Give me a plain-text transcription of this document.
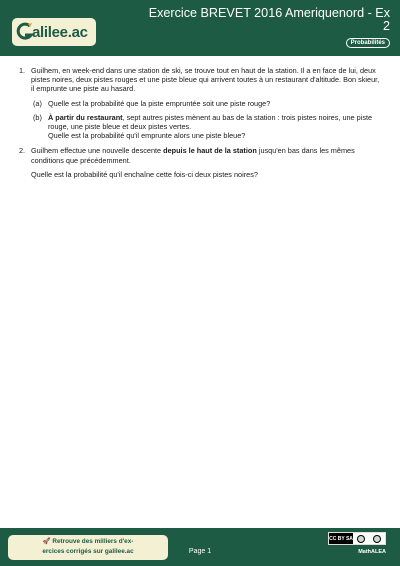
alilee.ac
Exercice BREVET 2016 Ameriquenord - Ex 2
Probabilités
1. Guilhem, en week-end dans une station de ski, se trouve tout en haut de la station. Il a en face de lui, deux pistes noires, deux pistes rouges et une piste bleue qui arrivent toutes à un restaurant d'altitude. Bon skieur, il emprunte une piste au hasard.
(a) Quelle est la probabilité que la piste empruntée soit une piste rouge?
(b) À partir du restaurant, sept autres pistes mènent au bas de la station : trois pistes noires, une piste rouge, une piste bleue et deux pistes vertes.
Quelle est la probabilité qu'il emprunte alors une piste bleue?
2. Guilhem effectue une nouvelle descente depuis le haut de la station jusqu'en bas dans les mêmes conditions que précédemment.
Quelle est la probabilité qu'il enchaîne cette fois-ci deux pistes noires?
🚀 Retrouve des milliers d'ex-
ercices corrigés sur galilee.ac	Page 1
CC BY SA
MathALEA
